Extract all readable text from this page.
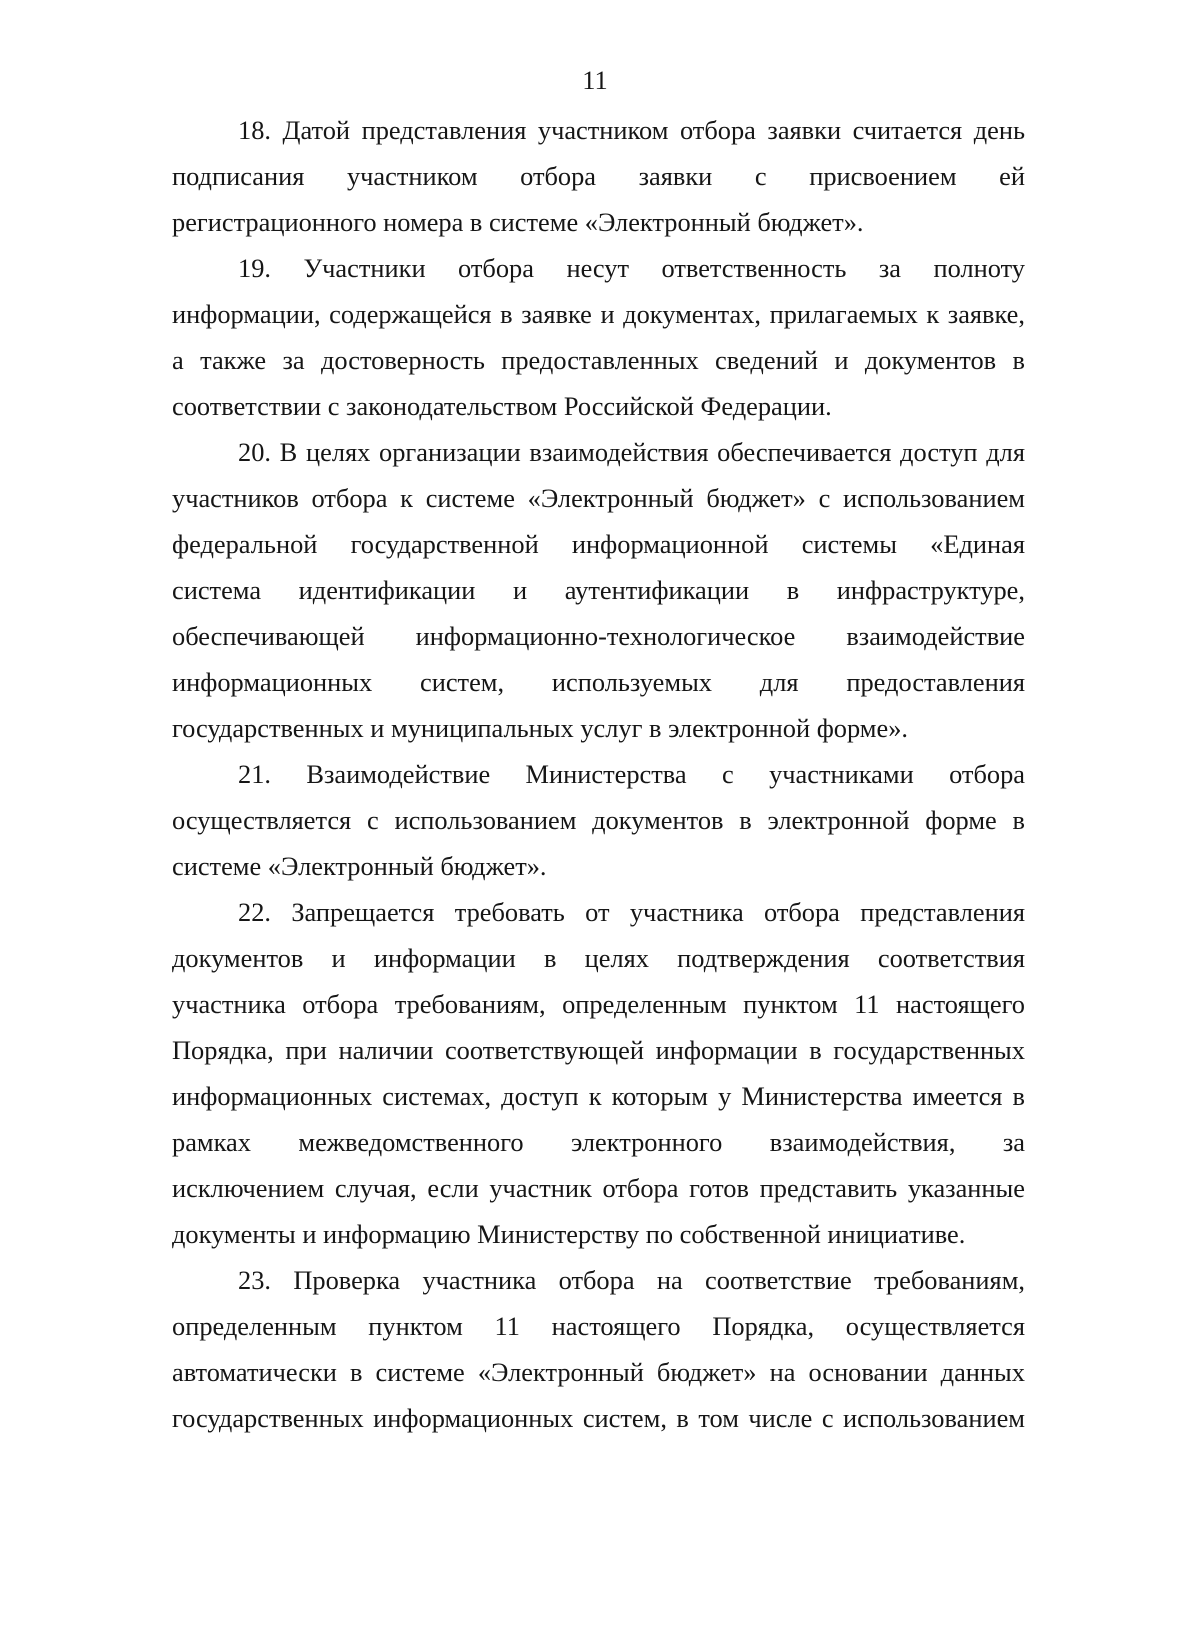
11
18. Датой представления участником отбора заявки считается день
подписания участником отбора заявки с присвоением ей
регистрационного номера в системе «Электронный бюджет».
19. Участники отбора несут ответственность за полноту
информации, содержащейся в заявке и документах, прилагаемых к заявке,
а также за достоверность предоставленных сведений и документов в
соответствии с законодательством Российской Федерации.
20. В целях организации взаимодействия обеспечивается доступ для
участников отбора к системе «Электронный бюджет» с использованием
федеральной государственной информационной системы «Единая
система идентификации и аутентификации в инфраструктуре,
обеспечивающей информационно-технологическое взаимодействие
информационных систем, используемых для предоставления
государственных и муниципальных услуг в электронной форме».
21. Взаимодействие Министерства с участниками отбора
осуществляется с использованием документов в электронной форме в
системе «Электронный бюджет».
22. Запрещается требовать от участника отбора представления
документов и информации в целях подтверждения соответствия
участника отбора требованиям, определенным пунктом 11 настоящего
Порядка, при наличии соответствующей информации в государственных
информационных системах, доступ к которым у Министерства имеется в
рамках межведомственного электронного взаимодействия, за
исключением случая, если участник отбора готов представить указанные
документы и информацию Министерству по собственной инициативе.
23. Проверка участника отбора на соответствие требованиям,
определенным пунктом 11 настоящего Порядка, осуществляется
автоматически в системе «Электронный бюджет» на основании данных
государственных информационных систем, в том числе с использованием
